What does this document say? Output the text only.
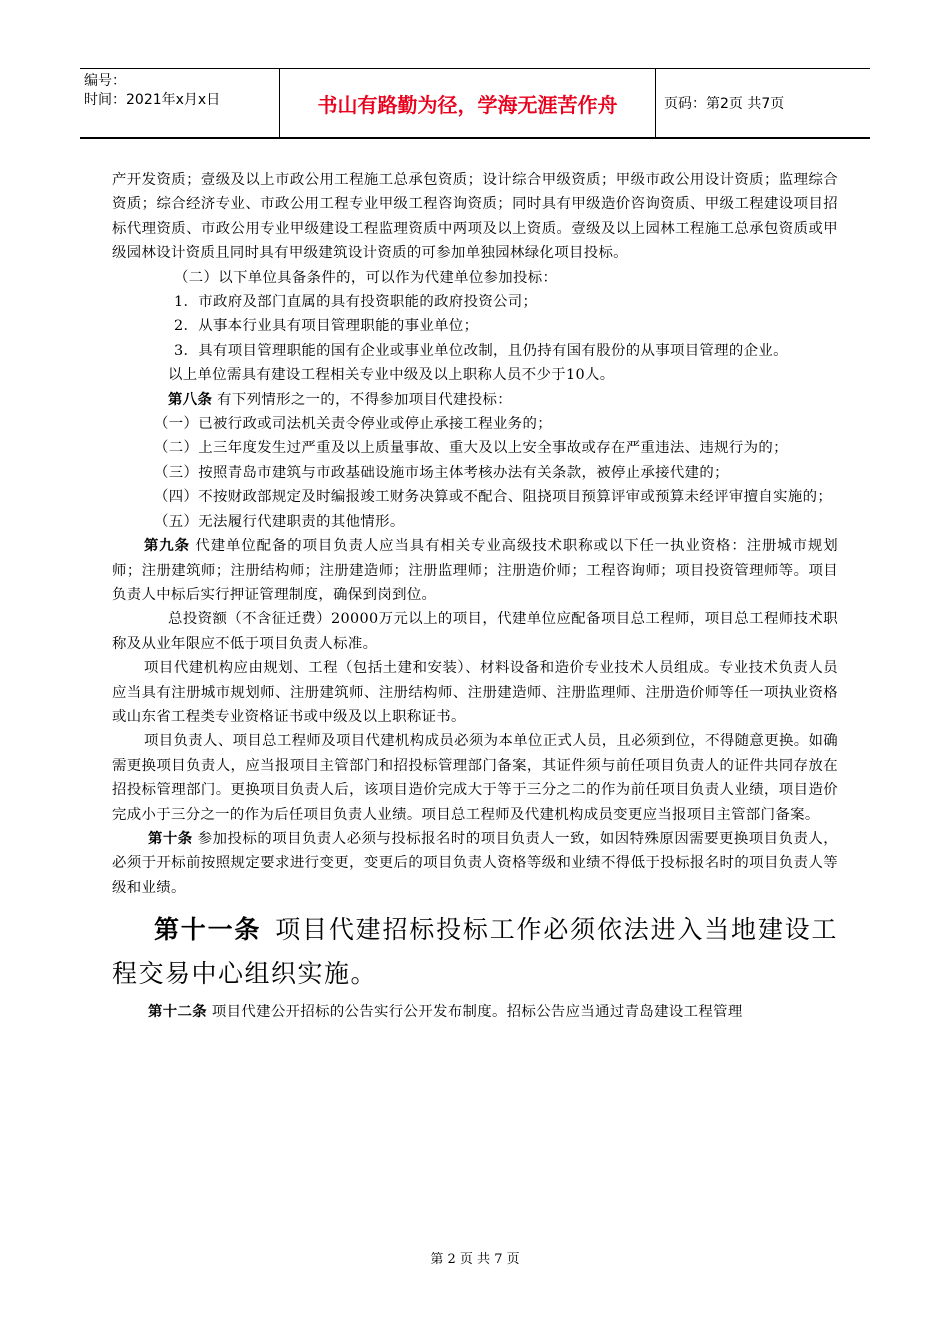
编号：
时间：2021年x月x日	书山有路勤为径，学海无涯苦作舟	页码：第2页 共7页

产开发资质；壹级及以上市政公用工程施工总承包资质；设计综合甲级资质；甲级市政公用设计资质；监理综合资质；综合经济专业、市政公用工程专业甲级工程咨询资质；同时具有甲级造价咨询资质、甲级工程建设项目招标代理资质、市政公用专业甲级建设工程监理资质中两项及以上资质。壹级及以上园林工程施工总承包资质或甲级园林设计资质且同时具有甲级建筑设计资质的可参加单独园林绿化项目投标。

（二）以下单位具备条件的，可以作为代建单位参加投标：

1．市政府及部门直属的具有投资职能的政府投资公司；

2．从事本行业具有项目管理职能的事业单位；

3．具有项目管理职能的国有企业或事业单位改制，且仍持有国有股份的从事项目管理的企业。

以上单位需具有建设工程相关专业中级及以上职称人员不少于10人。

第八条 有下列情形之一的，不得参加项目代建投标：

（一）已被行政或司法机关责令停业或停止承接工程业务的；

（二）上三年度发生过严重及以上质量事故、重大及以上安全事故或存在严重违法、违规行为的；

（三）按照青岛市建筑与市政基础设施市场主体考核办法有关条款，被停止承接代建的；

（四）不按财政部规定及时编报竣工财务决算或不配合、阻挠项目预算评审或预算未经评审擅自实施的；

（五）无法履行代建职责的其他情形。

第九条 代建单位配备的项目负责人应当具有相关专业高级技术职称或以下任一执业资格：注册城市规划师；注册建筑师；注册结构师；注册建造师；注册监理师；注册造价师；工程咨询师；项目投资管理师等。项目负责人中标后实行押证管理制度，确保到岗到位。

总投资额（不含征迁费）20000万元以上的项目，代建单位应配备项目总工程师，项目总工程师技术职称及从业年限应不低于项目负责人标准。

项目代建机构应由规划、工程（包括土建和安装）、材料设备和造价专业技术人员组成。专业技术负责人员应当具有注册城市规划师、注册建筑师、注册结构师、注册建造师、注册监理师、注册造价师等任一项执业资格或山东省工程类专业资格证书或中级及以上职称证书。

项目负责人、项目总工程师及项目代建机构成员必须为本单位正式人员，且必须到位，不得随意更换。如确需更换项目负责人，应当报项目主管部门和招投标管理部门备案，其证件须与前任项目负责人的证件共同存放在招投标管理部门。更换项目负责人后，该项目造价完成大于等于三分之二的作为前任项目负责人业绩，项目造价完成小于三分之一的作为后任项目负责人业绩。项目总工程师及代建机构成员变更应当报项目主管部门备案。

第十条 参加投标的项目负责人必须与投标报名时的项目负责人一致，如因特殊原因需要更换项目负责人，必须于开标前按照规定要求进行变更，变更后的项目负责人资格等级和业绩不得低于投标报名时的项目负责人等级和业绩。

第十一条 项目代建招标投标工作必须依法进入当地建设工程交易中心组织实施。

第十二条 项目代建公开招标的公告实行公开发布制度。招标公告应当通过青岛建设工程管理

第 2 页 共 7 页
